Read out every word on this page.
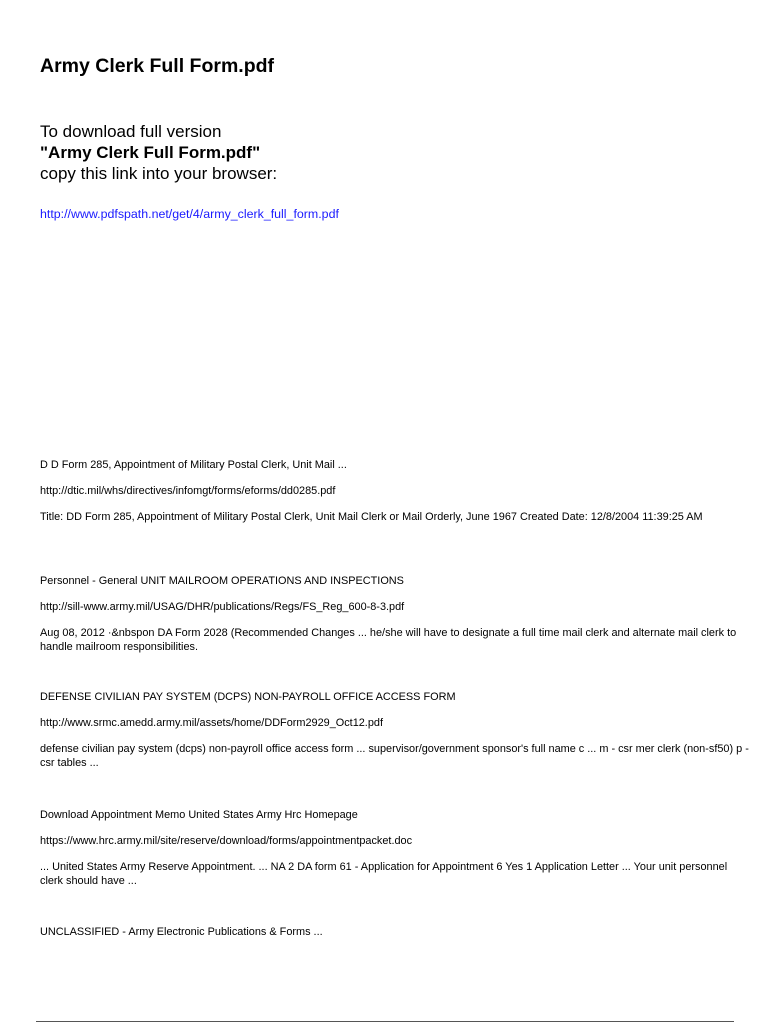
Army Clerk Full Form.pdf
To download full version
"Army Clerk Full Form.pdf"
copy this link into your browser:
http://www.pdfspath.net/get/4/army_clerk_full_form.pdf
D D Form 285, Appointment of Military Postal Clerk, Unit Mail ...
http://dtic.mil/whs/directives/infomgt/forms/eforms/dd0285.pdf
Title: DD Form 285, Appointment of Military Postal Clerk, Unit Mail Clerk or Mail Orderly, June 1967 Created Date: 12/8/2004 11:39:25 AM
Personnel - General UNIT MAILROOM OPERATIONS AND INSPECTIONS
http://sill-www.army.mil/USAG/DHR/publications/Regs/FS_Reg_600-8-3.pdf
Aug 08, 2012 ·&nbspon DA Form 2028 (Recommended Changes ... he/she will have to designate a full time mail clerk and alternate mail clerk to handle mailroom responsibilities.
DEFENSE CIVILIAN PAY SYSTEM (DCPS) NON-PAYROLL OFFICE ACCESS FORM
http://www.srmc.amedd.army.mil/assets/home/DDForm2929_Oct12.pdf
defense civilian pay system (dcps) non-payroll office access form ... supervisor/government sponsor's full name c ... m - csr mer clerk (non-sf50) p - csr tables ...
Download Appointment Memo United States Army Hrc Homepage
https://www.hrc.army.mil/site/reserve/download/forms/appointmentpacket.doc
... United States Army Reserve Appointment. ... NA 2 DA form 61 - Application for Appointment 6 Yes 1 Application Letter ... Your unit personnel clerk should have ...
UNCLASSIFIED - Army Electronic Publications & Forms ...
